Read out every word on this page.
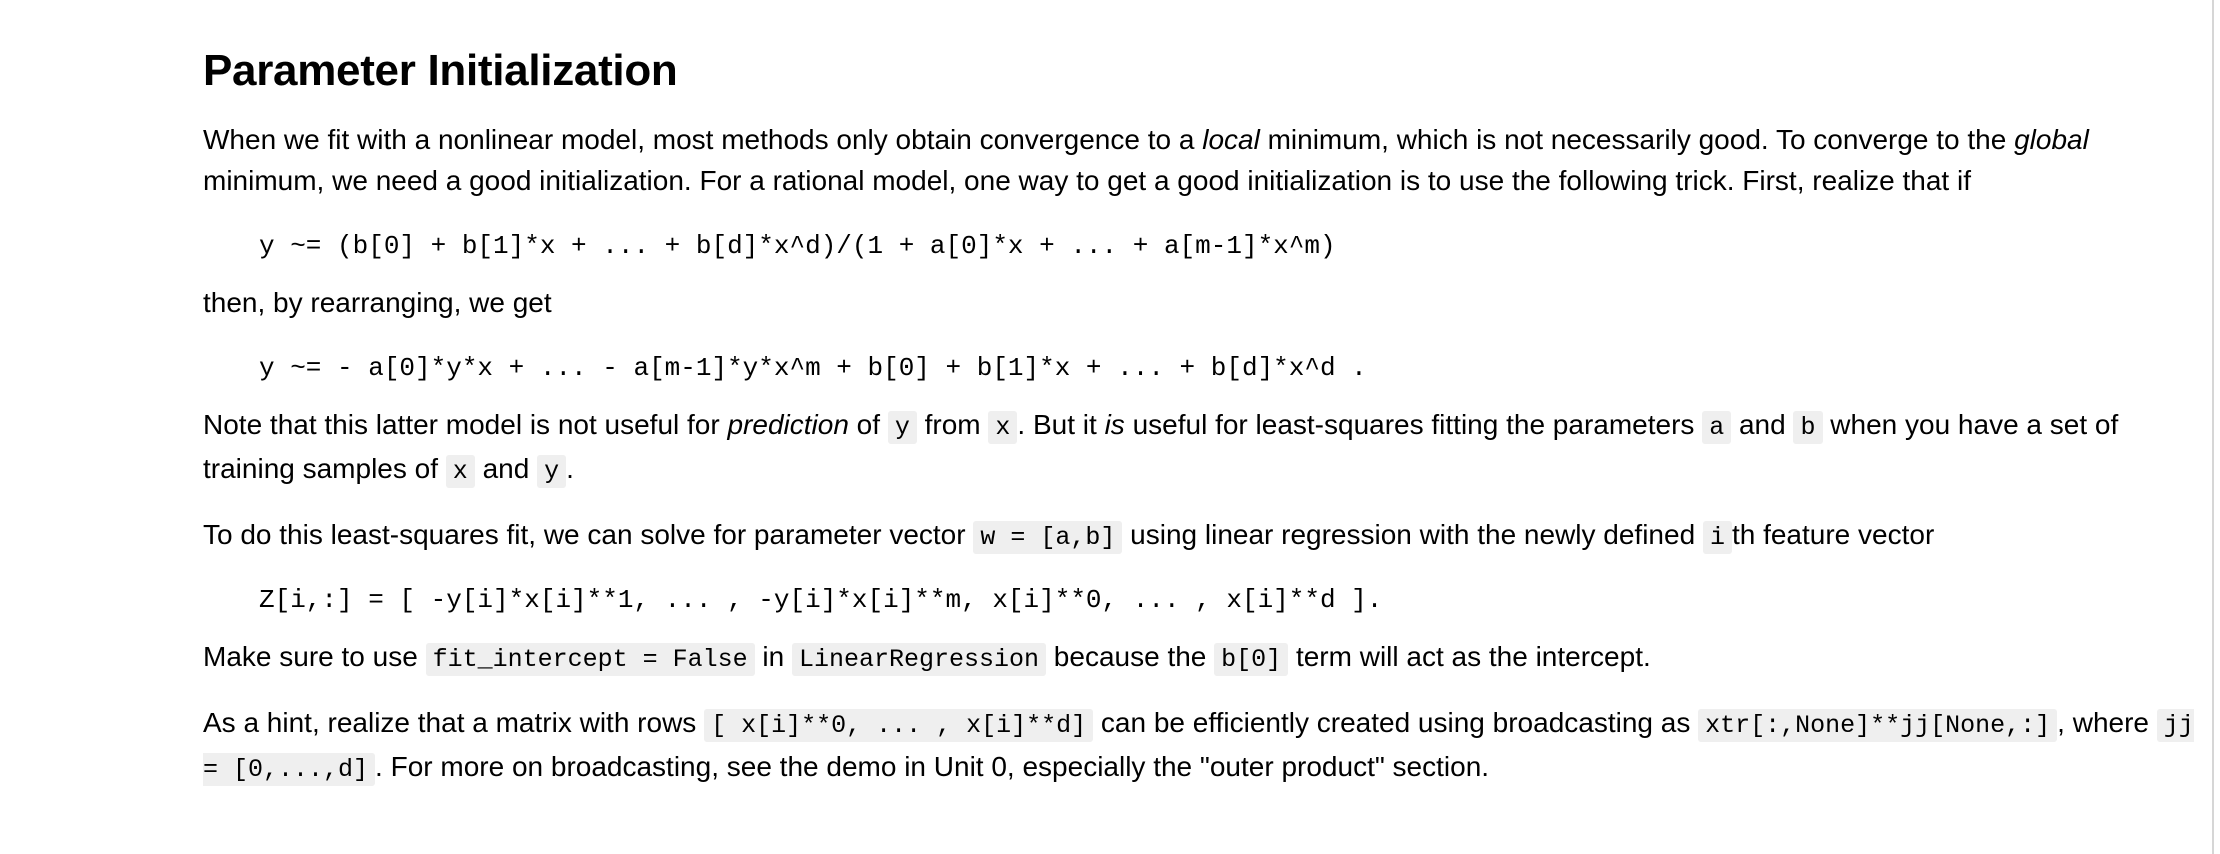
Parameter Initialization

When we fit with a nonlinear model, most methods only obtain convergence to a local minimum, which is not necessarily good. To converge to the global minimum, we need a good initialization. For a rational model, one way to get a good initialization is to use the following trick. First, realize that if

y ~= (b[0] + b[1]*x + ... + b[d]*x^d)/(1 + a[0]*x + ... + a[m-1]*x^m)

then, by rearranging, we get

y ~= - a[0]*y*x + ... - a[m-1]*y*x^m + b[0] + b[1]*x + ... + b[d]*x^d .

Note that this latter model is not useful for prediction of y from x . But it is useful for least-squares fitting the parameters a and b when you have a set of training samples of x and y .

To do this least-squares fit, we can solve for parameter vector w = [a,b] using linear regression with the newly defined i th feature vector

Z[i,:] = [ -y[i]*x[i]**1, ... , -y[i]*x[i]**m, x[i]**0, ... , x[i]**d ].

Make sure to use fit_intercept = False in LinearRegression because the b[0] term will act as the intercept.

As a hint, realize that a matrix with rows [ x[i]**0, ... , x[i]**d] can be efficiently created using broadcasting as xtr[:,None]**jj[None,:] , where jj = [0,...,d] . For more on broadcasting, see the demo in Unit 0, especially the "outer product" section.
